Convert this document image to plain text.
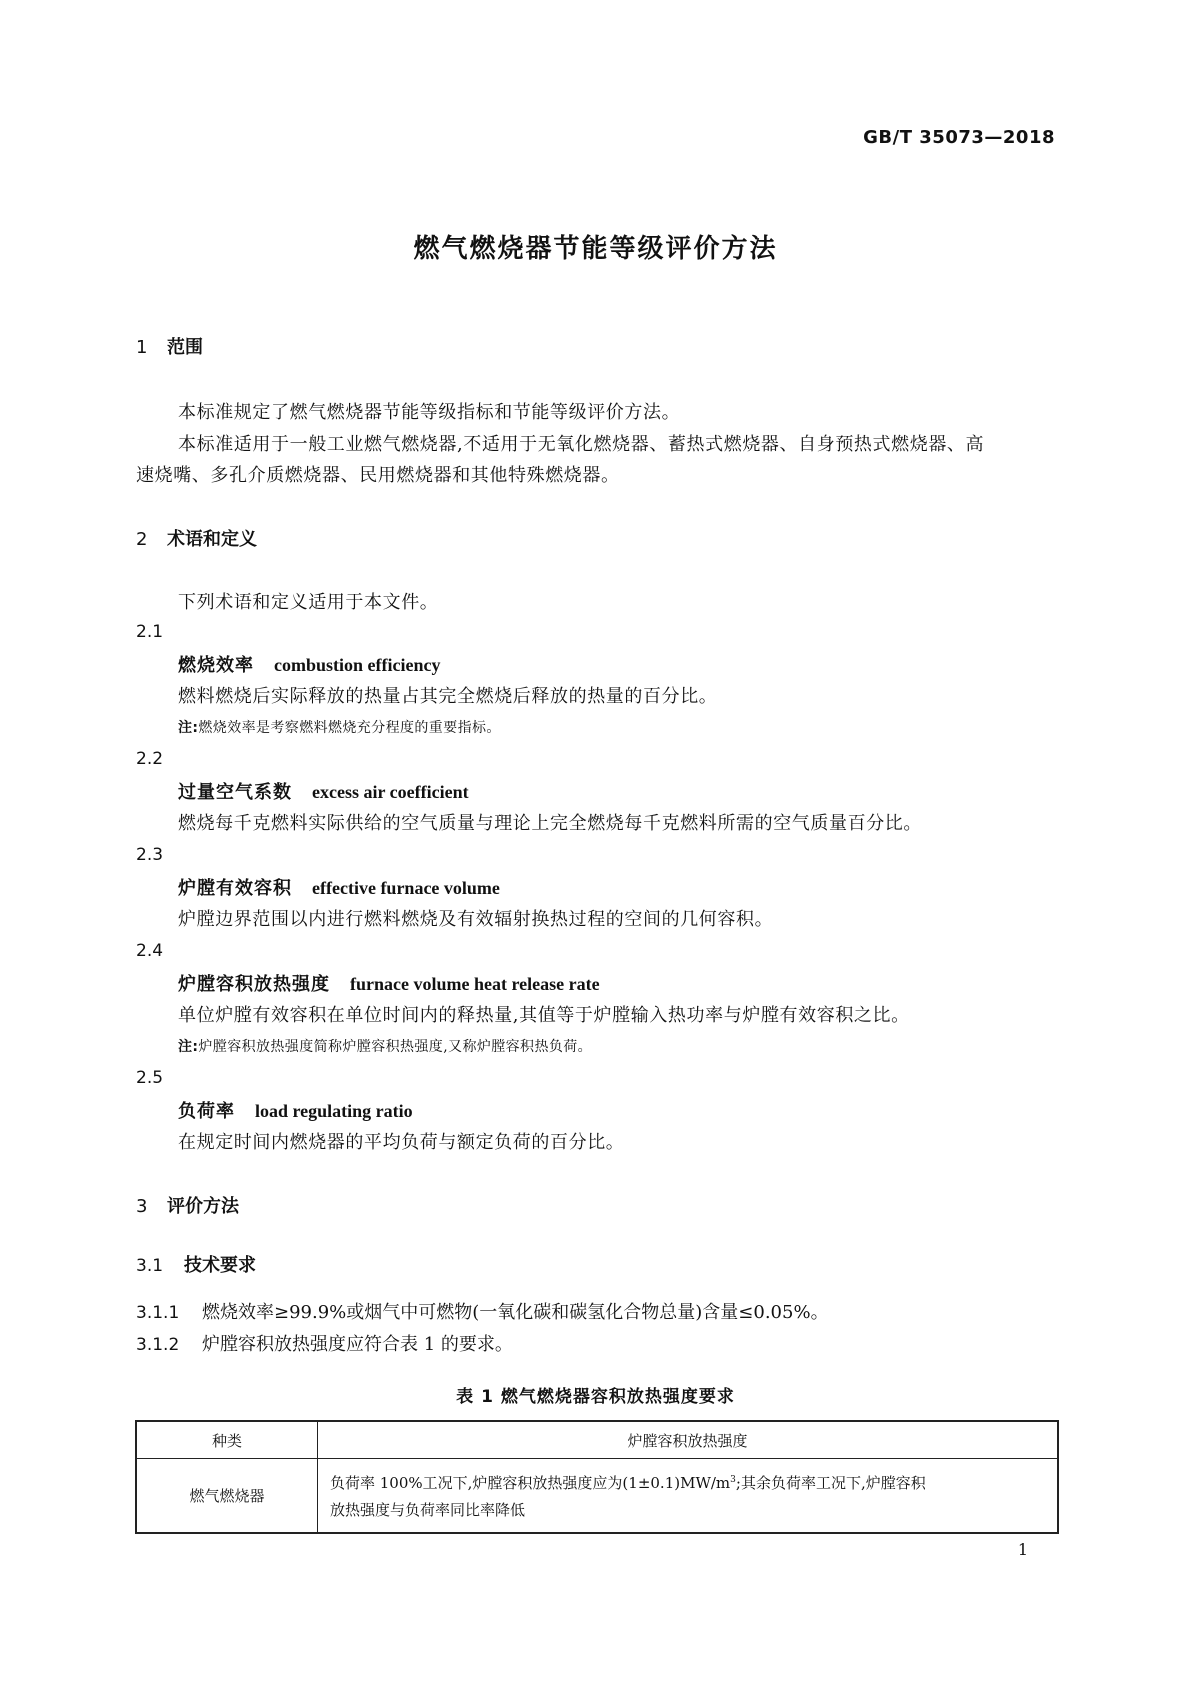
GB/T 35073—2018
燃气燃烧器节能等级评价方法
1 范围
本标准规定了燃气燃烧器节能等级指标和节能等级评价方法。
本标准适用于一般工业燃气燃烧器,不适用于无氧化燃烧器、蓄热式燃烧器、自身预热式燃烧器、高
速烧嘴、多孔介质燃烧器、民用燃烧器和其他特殊燃烧器。
2 术语和定义
下列术语和定义适用于本文件。
2.1
燃烧效率 combustion efficiency
燃料燃烧后实际释放的热量占其完全燃烧后释放的热量的百分比。
注:燃烧效率是考察燃料燃烧充分程度的重要指标。
2.2
过量空气系数 excess air coefficient
燃烧每千克燃料实际供给的空气质量与理论上完全燃烧每千克燃料所需的空气质量百分比。
2.3
炉膛有效容积 effective furnace volume
炉膛边界范围以内进行燃料燃烧及有效辐射换热过程的空间的几何容积。
2.4
炉膛容积放热强度 furnace volume heat release rate
单位炉膛有效容积在单位时间内的释热量,其值等于炉膛输入热功率与炉膛有效容积之比。
注:炉膛容积放热强度简称炉膛容积热强度,又称炉膛容积热负荷。
2.5
负荷率 load regulating ratio
在规定时间内燃烧器的平均负荷与额定负荷的百分比。
3 评价方法
3.1 技术要求
3.1.1 燃烧效率≥99.9%或烟气中可燃物(一氧化碳和碳氢化合物总量)含量≤0.05%。
3.1.2 炉膛容积放热强度应符合表 1 的要求。
表 1 燃气燃烧器容积放热强度要求
种类	炉膛容积放热强度
燃气燃烧器	负荷率 100%工况下,炉膛容积放热强度应为$(1\pm 0.1)MW/m^3$;其余负荷率工况下,炉膛容积
放热强度与负荷率同比率降低
1
